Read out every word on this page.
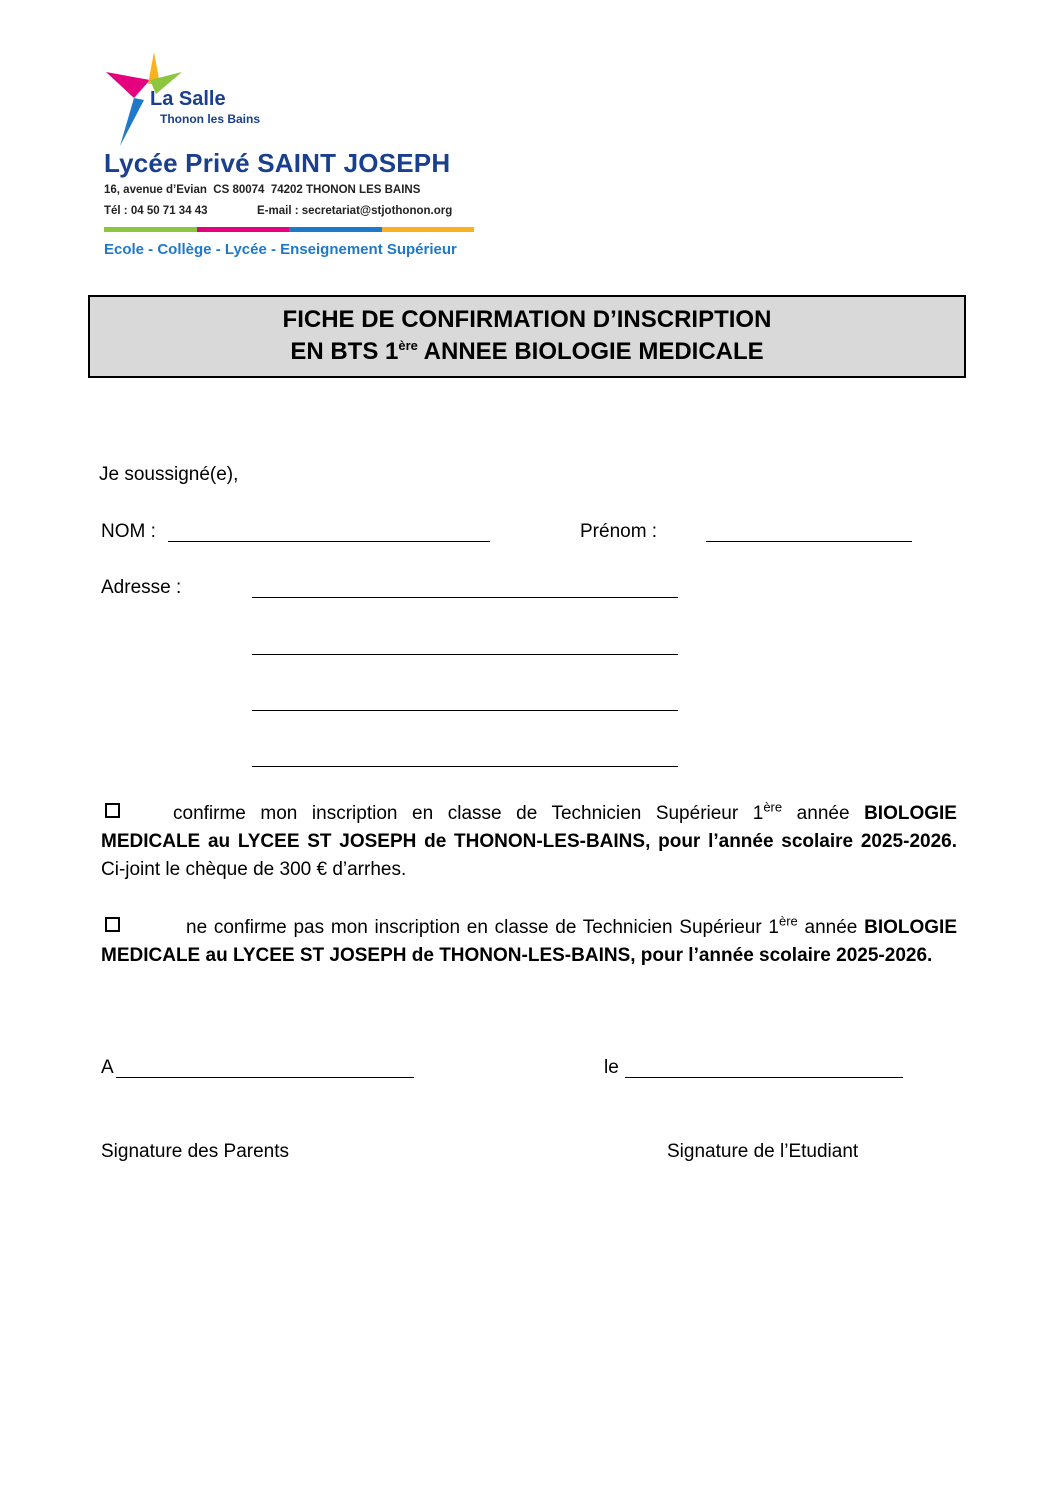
La Salle
Thonon les Bains
Lycée Privé SAINT JOSEPH
16, avenue d’Evian  CS 80074  74202 THONON LES BAINS
Tél : 04 50 71 34 43	E-mail : secretariat@stjothonon.org
Ecole - Collège - Lycée - Enseignement Supérieur
FICHE DE CONFIRMATION D’INSCRIPTION
EN BTS 1ère ANNEE BIOLOGIE MEDICALE
Je soussigné(e),
NOM :	Prénom :
Adresse :
confirme mon inscription en classe de Technicien Supérieur 1ère année BIOLOGIE MEDICALE au LYCEE ST JOSEPH de THONON-LES-BAINS, pour l’année scolaire 2025-2026. Ci-joint le chèque de 300 € d’arrhes.
ne confirme pas mon inscription en classe de Technicien Supérieur 1ère année BIOLOGIE MEDICALE au LYCEE ST JOSEPH de THONON-LES-BAINS, pour l’année scolaire 2025-2026.
A	le
Signature des Parents	Signature de l’Etudiant
